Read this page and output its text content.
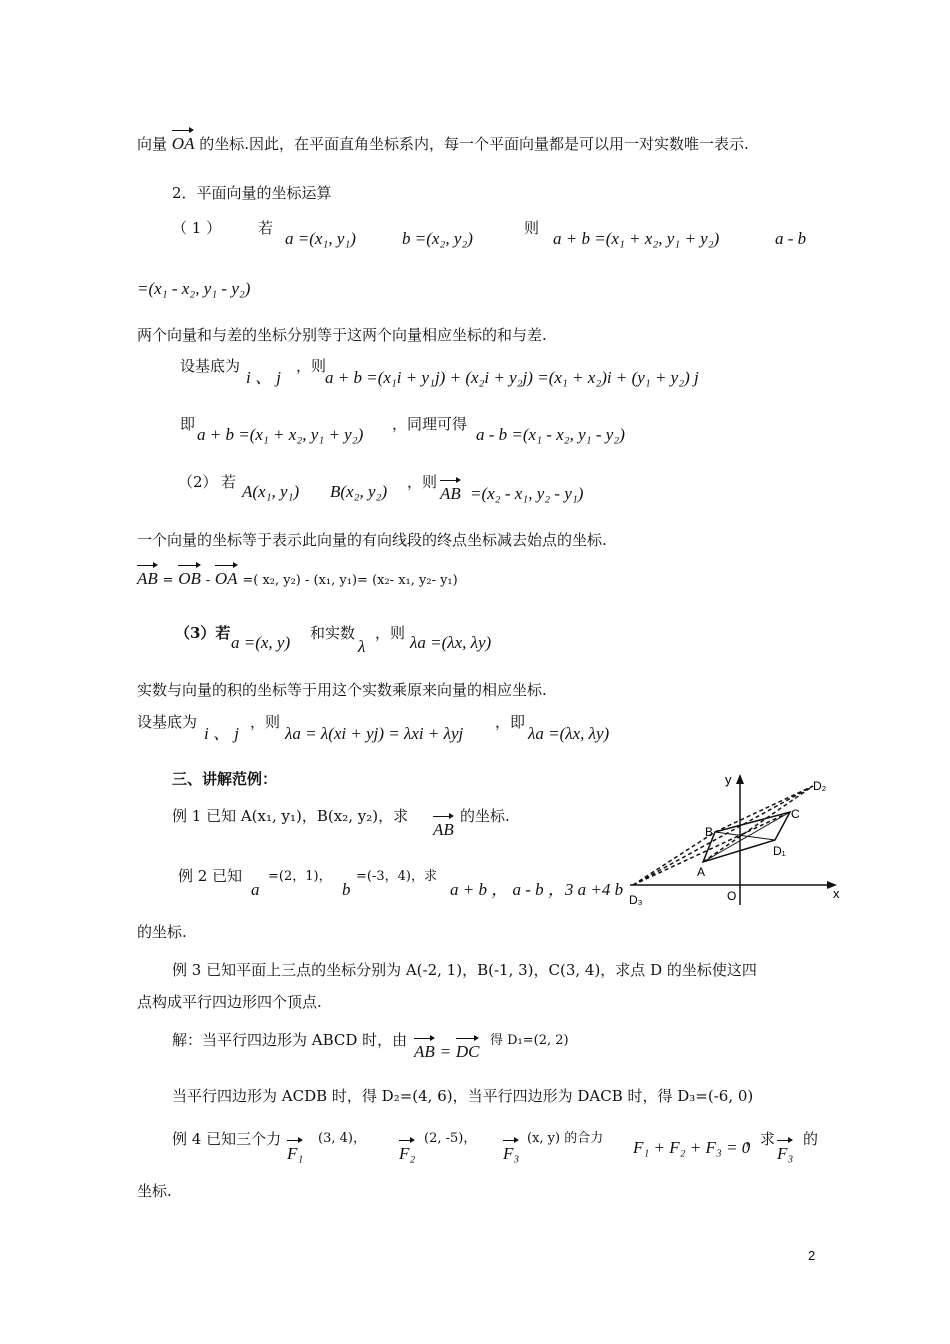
向量 OA 的坐标.因此，在平面直角坐标系内，每一个平面向量都是可以用一对实数唯一表示.
2．平面向量的坐标运算
（ 1 ） 若
a =(x₁, y₁)	b =(x₂, y₂)
则
a + b =(x₁ + x₂, y₁ + y₂)	a - b
=(x₁ - x₂, y₁ - y₂)
两个向量和与差的坐标分别等于这两个向量相应坐标的和与差.
设基底为
i 、 j
，则
a + b =(x₁i + y₁j) + (x₂i + y₂j) =(x₁ + x₂)i + (y₁ + y₂) j
即
a + b =(x₁ + x₂, y₁ + y₂)
，同理可得
a - b =(x₁ - x₂, y₁ - y₂)
（2） 若 A(x₁, y₁) B(x₂, y₂) ，则
AB =(x₂ - x₁, y₂ - y₁)
一个向量的坐标等于表示此向量的有向线段的终点坐标减去始点的坐标.
AB = OB - OA =( x₂, y₂) - (x₁, y₁)= (x₂- x₁, y₂- y₁)
（3）若 a =(x, y) 和实数
λ
，则 λa =(λx, λy)
实数与向量的积的坐标等于用这个实数乘原来向量的相应坐标.
设基底为
i 、 j
，则
λa = λ(xi + yj) = λxi + λyj
，即
λa =(λx, λy)
三、讲解范例：
例 1 已知 A(x₁, y₁)，B(x₂, y₂)，求
AB
的坐标.
例 2 已知
a
=(2，1)，
b
=(-3，4)，求
a + b ， a - b ，3 a +4 b
的坐标.
例 3 已知平面上三点的坐标分别为 A(-2, 1)，B(-1, 3)，C(3, 4)，求点 D 的坐标使这四
点构成平行四边形四个顶点.
解：当平行四边形为 ABCD 时，由
AB = DC
得 D₁=(2, 2)
当平行四边形为 ACDB 时，得 D₂=(4, 6)，当平行四边形为 DACB 时，得 D₃=(-6, 0)
例 4 已知三个力
F₁
(3, 4)，
F₂
(2, -5)，
F₃
(x, y) 的合力 F₁ + F₂ + F₃ = 0
，求
F₃
的
坐标.
y
x
O
A
B
C
D₁
D₂
D₃
2
